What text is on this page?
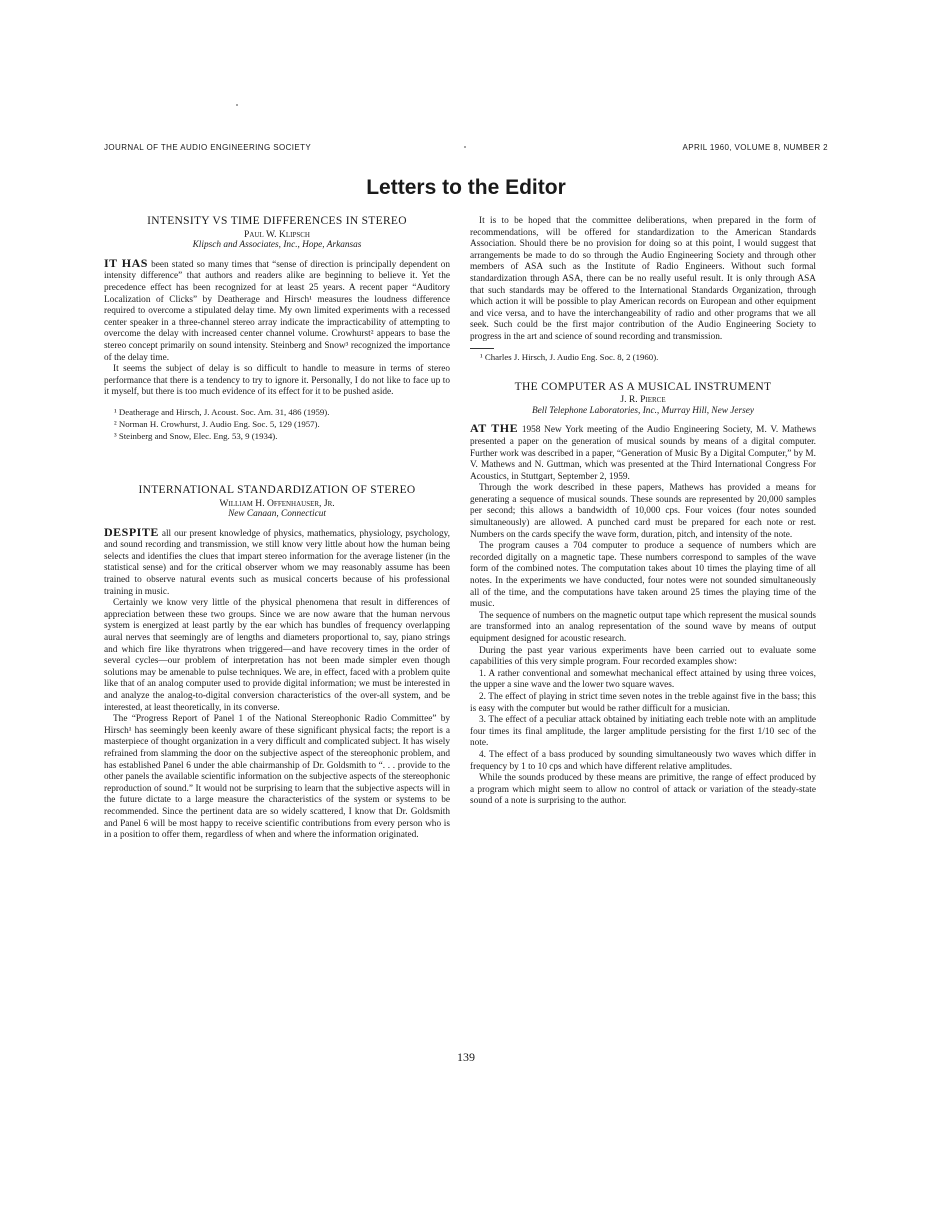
JOURNAL OF THE AUDIO ENGINEERING SOCIETY	APRIL 1960, VOLUME 8, NUMBER 2
Letters to the Editor
INTENSITY VS TIME DIFFERENCES IN STEREO

Paul W. Klipsch

Klipsch and Associates, Inc., Hope, Arkansas

IT HAS been stated so many times that “sense of direction is principally dependent on intensity difference” that authors and readers alike are beginning to believe it. Yet the precedence effect has been recognized for at least 25 years. A recent paper “Auditory Localization of Clicks” by Deatherage and Hirsch¹ measures the loudness difference required to overcome a stipulated delay time. My own limited experiments with a recessed center speaker in a three-channel stereo array indicate the impracticability of attempting to overcome the delay with increased center channel volume. Crowhurst² appears to base the stereo concept primarily on sound intensity. Steinberg and Snow³ recognized the importance of the delay time.

It seems the subject of delay is so difficult to handle to measure in terms of stereo performance that there is a tendency to try to ignore it. Personally, I do not like to face up to it myself, but there is too much evidence of its effect for it to be pushed aside.

¹ Deatherage and Hirsch, J. Acoust. Soc. Am. 31, 486 (1959).

² Norman H. Crowhurst, J. Audio Eng. Soc. 5, 129 (1957).

³ Steinberg and Snow, Elec. Eng. 53, 9 (1934).

INTERNATIONAL STANDARDIZATION OF STEREO

William H. Offenhauser, Jr.

New Canaan, Connecticut

DESPITE all our present knowledge of physics, mathematics, physiology, psychology, and sound recording and transmission, we still know very little about how the human being selects and identifies the clues that impart stereo information for the average listener (in the statistical sense) and for the critical observer whom we may reasonably assume has been trained to observe natural events such as musical concerts because of his professional training in music.

Certainly we know very little of the physical phenomena that result in differences of appreciation between these two groups. Since we are now aware that the human nervous system is energized at least partly by the ear which has bundles of frequency overlapping aural nerves that seemingly are of lengths and diameters proportional to, say, piano strings and which fire like thyratrons when triggered—and have recovery times in the order of several cycles—our problem of interpretation has not been made simpler even though solutions may be amenable to pulse techniques. We are, in effect, faced with a problem quite like that of an analog computer used to provide digital information; we must be interested in and analyze the analog-to-digital conversion characteristics of the over-all system, and be interested, at least theoretically, in its converse.

The “Progress Report of Panel 1 of the National Stereophonic Radio Committee” by Hirsch¹ has seemingly been keenly aware of these significant physical facts; the report is a masterpiece of thought organization in a very difficult and complicated subject. It has wisely refrained from slamming the door on the subjective aspect of the stereophonic problem, and has established Panel 6 under the able chairmanship of Dr. Goldsmith to “. . . provide to the other panels the available scientific information on the subjective aspects of the stereophonic reproduction of sound.” It would not be surprising to learn that the subjective aspects will in the future dictate to a large measure the characteristics of the system or systems to be recommended. Since the pertinent data are so widely scattered, I know that Dr. Goldsmith and Panel 6 will be most happy to receive scientific contributions from every person who is in a position to offer them, regardless of when and where the information originated.

It is to be hoped that the committee deliberations, when prepared in the form of recommendations, will be offered for standardization to the American Standards Association. Should there be no provision for doing so at this point, I would suggest that arrangements be made to do so through the Audio Engineering Society and through other members of ASA such as the Institute of Radio Engineers. Without such formal standardization through ASA, there can be no really useful result. It is only through ASA that such standards may be offered to the International Standards Organization, through which action it will be possible to play American records on European and other equipment and vice versa, and to have the interchangeability of radio and other programs that we all seek. Such could be the first major contribution of the Audio Engineering Society to progress in the art and science of sound recording and transmission.

¹ Charles J. Hirsch, J. Audio Eng. Soc. 8, 2 (1960).

THE COMPUTER AS A MUSICAL INSTRUMENT

J. R. Pierce

Bell Telephone Laboratories, Inc., Murray Hill, New Jersey

AT THE 1958 New York meeting of the Audio Engineering Society, M. V. Mathews presented a paper on the generation of musical sounds by means of a digital computer. Further work was described in a paper, “Generation of Music By a Digital Computer,” by M. V. Mathews and N. Guttman, which was presented at the Third International Congress For Acoustics, in Stuttgart, September 2, 1959.

Through the work described in these papers, Mathews has provided a means for generating a sequence of musical sounds. These sounds are represented by 20,000 samples per second; this allows a bandwidth of 10,000 cps. Four voices (four notes sounded simultaneously) are allowed. A punched card must be prepared for each note or rest. Numbers on the cards specify the wave form, duration, pitch, and intensity of the note.

The program causes a 704 computer to produce a sequence of numbers which are recorded digitally on a magnetic tape. These numbers correspond to samples of the wave form of the combined notes. The computation takes about 10 times the playing time of all notes. In the experiments we have conducted, four notes were not sounded simultaneously all of the time, and the computations have taken around 25 times the playing time of the music.

The sequence of numbers on the magnetic output tape which represent the musical sounds are transformed into an analog representation of the sound wave by means of output equipment designed for acoustic research.

During the past year various experiments have been carried out to evaluate some capabilities of this very simple program. Four recorded examples show:

1. A rather conventional and somewhat mechanical effect attained by using three voices, the upper a sine wave and the lower two square waves.

2. The effect of playing in strict time seven notes in the treble against five in the bass; this is easy with the computer but would be rather difficult for a musician.

3. The effect of a peculiar attack obtained by initiating each treble note with an amplitude four times its final amplitude, the larger amplitude persisting for the first 1/10 sec of the note.

4. The effect of a bass produced by sounding simultaneously two waves which differ in frequency by 1 to 10 cps and which have different relative amplitudes.

While the sounds produced by these means are primitive, the range of effect produced by a program which might seem to allow no control of attack or variation of the steady-state sound of a note is surprising to the author.

139
